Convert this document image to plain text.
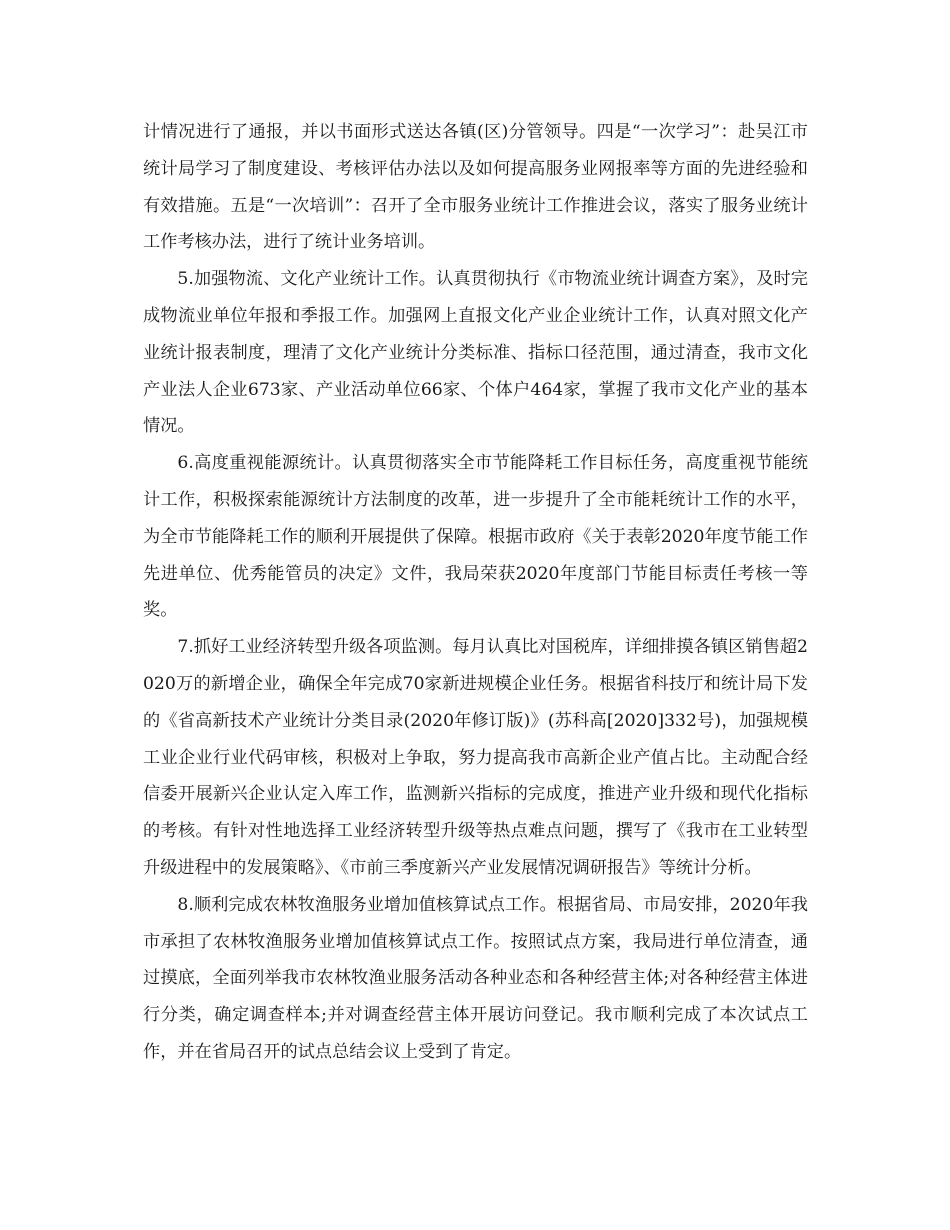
计情况进行了通报，并以书面形式送达各镇(区)分管领导。四是“一次学习”：赴吴江市统计局学习了制度建设、考核评估办法以及如何提高服务业网报率等方面的先进经验和有效措施。五是“一次培训”：召开了全市服务业统计工作推进会议，落实了服务业统计工作考核办法，进行了统计业务培训。

5.加强物流、文化产业统计工作。认真贯彻执行《市物流业统计调查方案》，及时完成物流业单位年报和季报工作。加强网上直报文化产业企业统计工作，认真对照文化产业统计报表制度，理清了文化产业统计分类标准、指标口径范围，通过清查，我市文化产业法人企业673家、产业活动单位66家、个体户464家，掌握了我市文化产业的基本情况。

6.高度重视能源统计。认真贯彻落实全市节能降耗工作目标任务，高度重视节能统计工作，积极探索能源统计方法制度的改革，进一步提升了全市能耗统计工作的水平，为全市节能降耗工作的顺利开展提供了保障。根据市政府《关于表彰2020年度节能工作先进单位、优秀能管员的决定》文件，我局荣获2020年度部门节能目标责任考核一等奖。

7.抓好工业经济转型升级各项监测。每月认真比对国税库，详细排摸各镇区销售超2020万的新增企业，确保全年完成70家新进规模企业任务。根据省科技厅和统计局下发的《省高新技术产业统计分类目录(2020年修订版)》(苏科高[2020]332号)，加强规模工业企业行业代码审核，积极对上争取，努力提高我市高新企业产值占比。主动配合经信委开展新兴企业认定入库工作，监测新兴指标的完成度，推进产业升级和现代化指标的考核。有针对性地选择工业经济转型升级等热点难点问题，撰写了《我市在工业转型升级进程中的发展策略》、《市前三季度新兴产业发展情况调研报告》等统计分析。

8.顺利完成农林牧渔服务业增加值核算试点工作。根据省局、市局安排，2020年我市承担了农林牧渔服务业增加值核算试点工作。按照试点方案，我局进行单位清查，通过摸底，全面列举我市农林牧渔业服务活动各种业态和各种经营主体;对各种经营主体进行分类，确定调查样本;并对调查经营主体开展访问登记。我市顺利完成了本次试点工作，并在省局召开的试点总结会议上受到了肯定。
